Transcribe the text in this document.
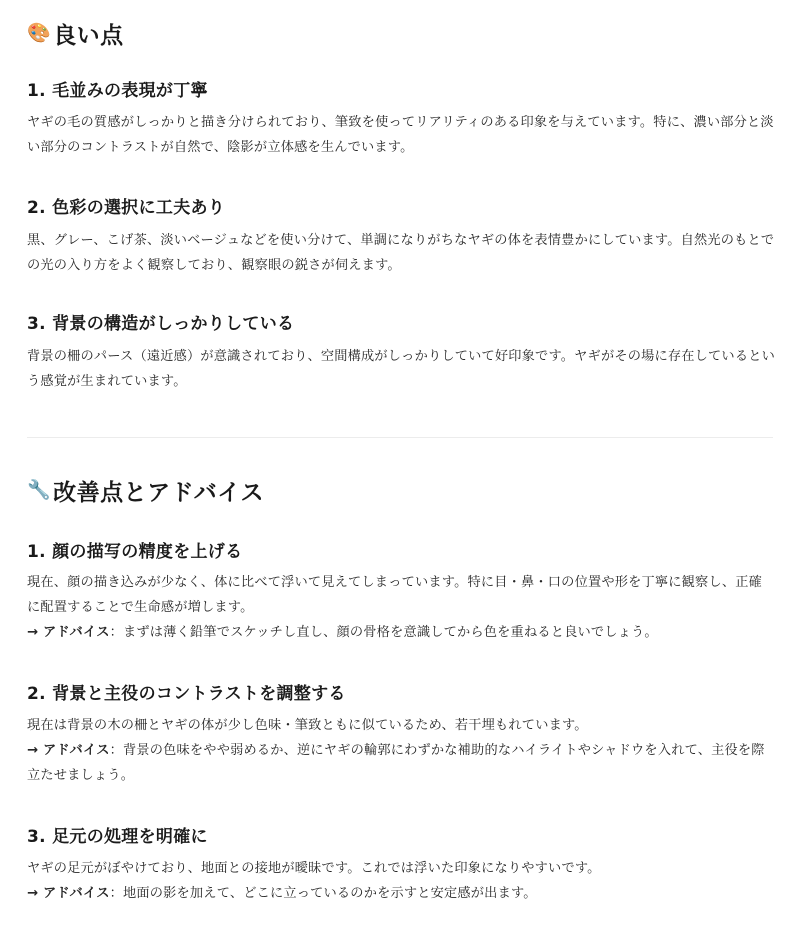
🎨 良い点
1. 毛並みの表現が丁寧

ヤギの毛の質感がしっかりと描き分けられており、筆致を使ってリアリティのある印象を与えています。特に、濃い部分と淡い部分のコントラストが自然で、陰影が立体感を生んでいます。

2. 色彩の選択に工夫あり

黒、グレー、こげ茶、淡いベージュなどを使い分けて、単調になりがちなヤギの体を表情豊かにしています。自然光のもとでの光の入り方をよく観察しており、観察眼の鋭さが伺えます。

3. 背景の構造がしっかりしている

背景の柵のパース（遠近感）が意識されており、空間構成がしっかりしていて好印象です。ヤギがその場に存在しているという感覚が生まれています。

🔧 改善点とアドバイス
1. 顔の描写の精度を上げる

現在、顔の描き込みが少なく、体に比べて浮いて見えてしまっています。特に目・鼻・口の位置や形を丁寧に観察し、正確に配置することで生命感が増します。

→ アドバイス：まずは薄く鉛筆でスケッチし直し、顔の骨格を意識してから色を重ねると良いでしょう。

2. 背景と主役のコントラストを調整する

現在は背景の木の柵とヤギの体が少し色味・筆致ともに似ているため、若干埋もれています。

→ アドバイス：背景の色味をやや弱めるか、逆にヤギの輪郭にわずかな補助的なハイライトやシャドウを入れて、主役を際立たせましょう。

3. 足元の処理を明確に

ヤギの足元がぼやけており、地面との接地が曖昧です。これでは浮いた印象になりやすいです。

→ アドバイス：地面の影を加えて、どこに立っているのかを示すと安定感が出ます。
